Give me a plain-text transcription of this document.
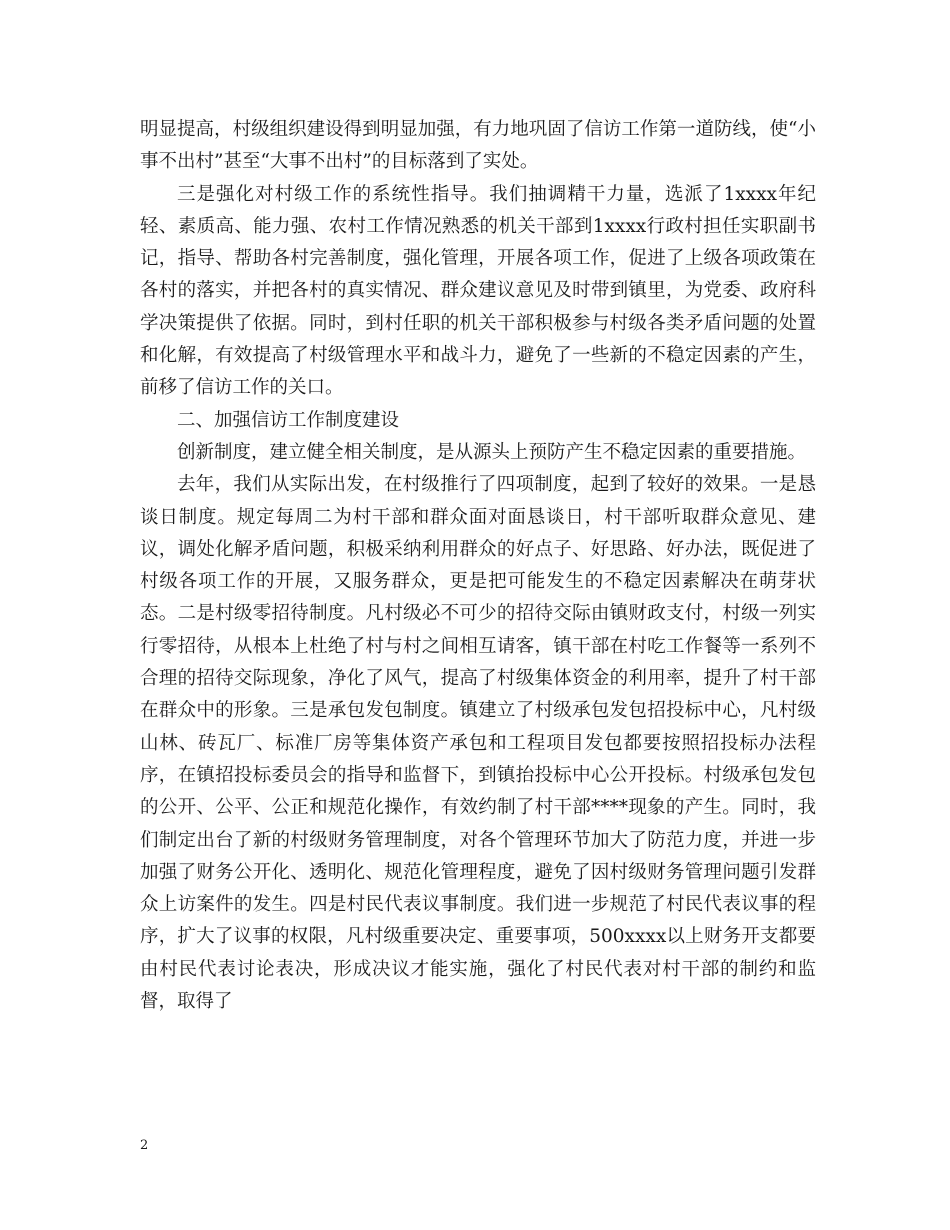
明显提高，村级组织建设得到明显加强，有力地巩固了信访工作第一道防线，使“小事不出村”甚至“大事不出村”的目标落到了实处。

三是强化对村级工作的系统性指导。我们抽调精干力量，选派了1xxxx年纪轻、素质高、能力强、农村工作情况熟悉的机关干部到1xxxx行政村担任实职副书记，指导、帮助各村完善制度，强化管理，开展各项工作，促进了上级各项政策在各村的落实，并把各村的真实情况、群众建议意见及时带到镇里，为党委、政府科学决策提供了依据。同时，到村任职的机关干部积极参与村级各类矛盾问题的处置和化解，有效提高了村级管理水平和战斗力，避免了一些新的不稳定因素的产生，前移了信访工作的关口。

二、加强信访工作制度建设

创新制度，建立健全相关制度，是从源头上预防产生不稳定因素的重要措施。

去年，我们从实际出发，在村级推行了四项制度，起到了较好的效果。一是恳谈日制度。规定每周二为村干部和群众面对面恳谈日，村干部听取群众意见、建议，调处化解矛盾问题，积极采纳利用群众的好点子、好思路、好办法，既促进了村级各项工作的开展，又服务群众，更是把可能发生的不稳定因素解决在萌芽状态。二是村级零招待制度。凡村级必不可少的招待交际由镇财政支付，村级一列实行零招待，从根本上杜绝了村与村之间相互请客，镇干部在村吃工作餐等一系列不合理的招待交际现象，净化了风气，提高了村级集体资金的利用率，提升了村干部在群众中的形象。三是承包发包制度。镇建立了村级承包发包招投标中心，凡村级山林、砖瓦厂、标准厂房等集体资产承包和工程项目发包都要按照招投标办法程序，在镇招投标委员会的指导和监督下，到镇抬投标中心公开投标。村级承包发包的公开、公平、公正和规范化操作，有效约制了村干部****现象的产生。同时，我们制定出台了新的村级财务管理制度，对各个管理环节加大了防范力度，并进一步加强了财务公开化、透明化、规范化管理程度，避免了因村级财务管理问题引发群众上访案件的发生。四是村民代表议事制度。我们进一步规范了村民代表议事的程序，扩大了议事的权限，凡村级重要决定、重要事项，500xxxx以上财务开支都要由村民代表讨论表决，形成决议才能实施，强化了村民代表对村干部的制约和监督，取得了

2
